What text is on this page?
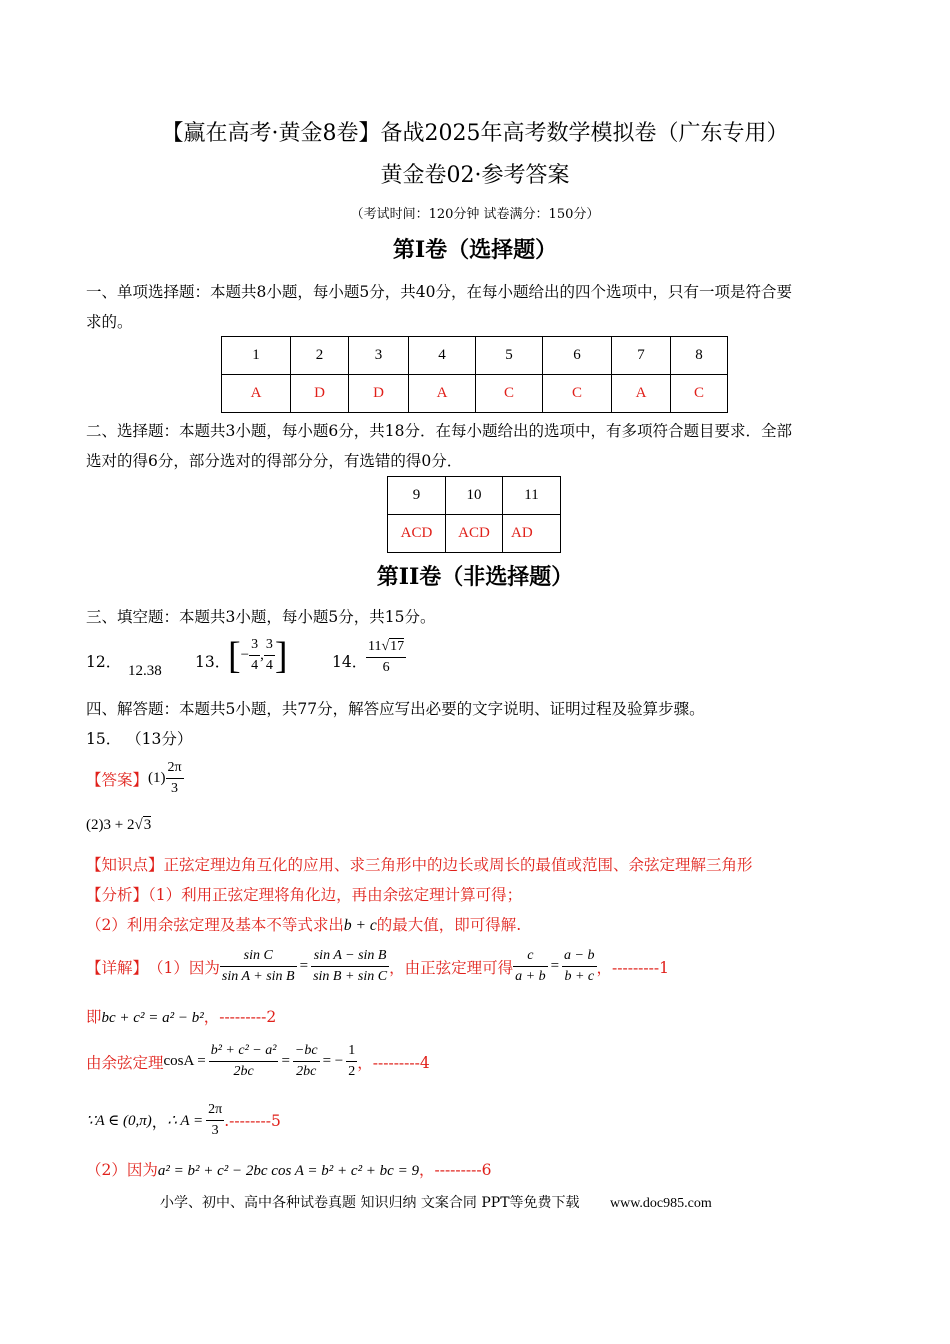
【赢在高考·黄金8卷】备战2025年高考数学模拟卷（广东专用）
黄金卷02·参考答案
（考试时间：120分钟 试卷满分：150分）
第I卷（选择题）
一、单项选择题：本题共8小题，每小题5分，共40分，在每小题给出的四个选项中，只有一项是符合要
求的。
1	2	3	4	5	6	7	8
A	D	D	A	C	C	A	C
二、选择题：本题共3小题，每小题6分，共18分．在每小题给出的选项中，有多项符合题目要求．全部
选对的得6分，部分选对的得部分分，有选错的得0分．
9	10	11
ACD	ACD	AD
第II卷（非选择题）
三、填空题：本题共3小题，每小题5分，共15分。
12． 12.38 13．
[ − $\frac{3}{4}$ , $\frac{3}{4}$ ]	14．
$\frac{11√17}{6}$
四、解答题：本题共5小题，共77分，解答应写出必要的文字说明、证明过程及验算步骤。
15． （13分）
【答案】 $(1) \frac{2\pi}{3}$
(2)3 + 2√3
【知识点】正弦定理边角互化的应用、求三角形中的边长或周长的最值或范围、余弦定理解三角形
【分析】（1）利用正弦定理将角化边，再由余弦定理计算可得；
（2）利用余弦定理及基本不等式求出b + c的最大值，即可得解.
【详解】 （1）因为 $\frac{\text{sin C}}{\text{sin A + sin B}} = \frac{\text{sin A − sin B}}{\text{sin B + sin C}}$ ，由正弦定理可得 $\frac{c}{a + b} = \frac{a - b}{b + c}$ ，---------1
即bc + c² = a² − b²，---------2
由余弦定理 $\cos A = \frac{\text{b² + c² − a²}}{2bc} = \frac{-bc}{2bc}$ = − $\frac{1}{2}$ ，---------4
∵A ∈ (0,π) ， ∴ $A = \frac{2\pi}{3} .--------5$
（2）因为a² = b² + c² − 2bc cos A = b² + c² + bc = 9，---------6
小学、初中、高中各种试卷真题 知识归纳 文案合同 PPT等免费下载 www.doc985.com
